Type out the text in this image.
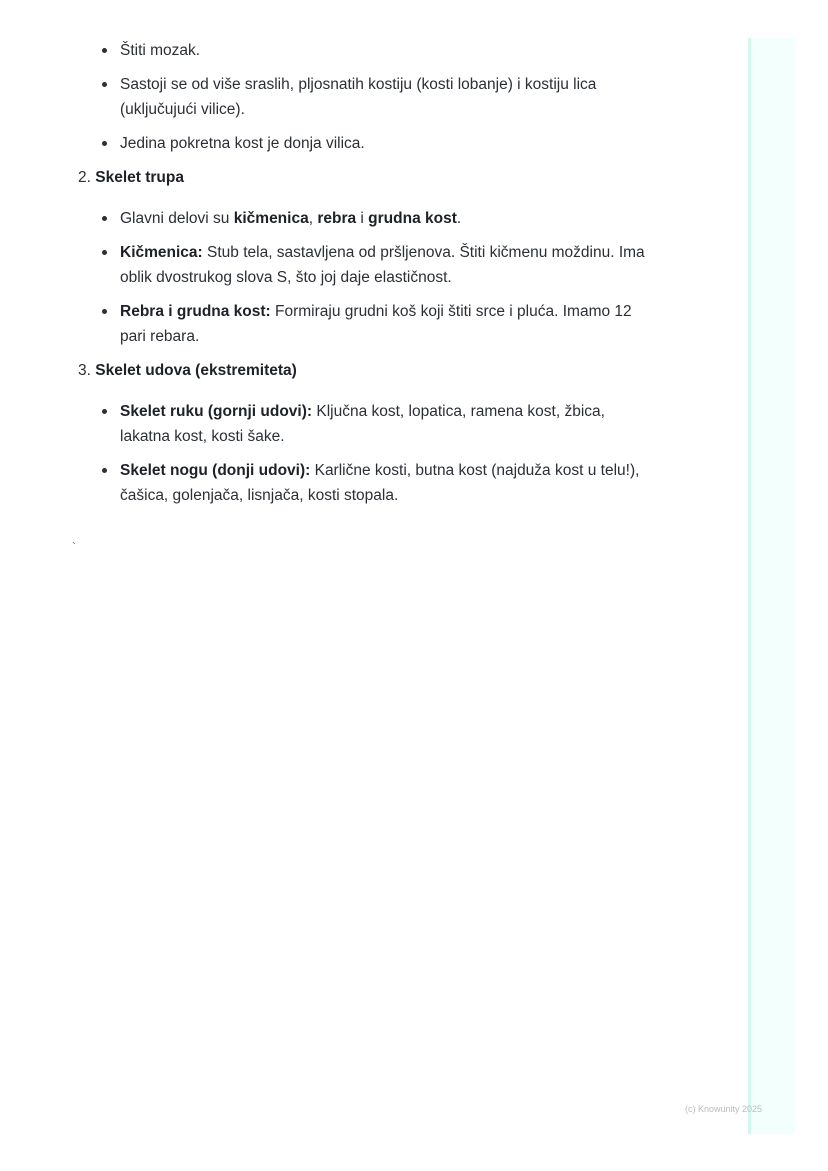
Štiti mozak.
Sastoji se od više sraslih, pljosnatih kostiju (kosti lobanje) i kostiju lica (uključujući vilice).
Jedina pokretna kost je donja vilica.
2. Skelet trupa
Glavni delovi su kičmenica, rebra i grudna kost.
Kičmenica: Stub tela, sastavljena od pršljenova. Štiti kičmenu moždinu. Ima oblik dvostrukog slova S, što joj daje elastičnost.
Rebra i grudna kost: Formiraju grudni koš koji štiti srce i pluća. Imamo 12 pari rebara.
3. Skelet udova (ekstremiteta)
Skelet ruku (gornji udovi): Ključna kost, lopatica, ramena kost, žbica, lakatna kost, kosti šake.
Skelet nogu (donji udovi): Karlične kosti, butna kost (najduža kost u telu!), čašica, golenjača, lisnjača, kosti stopala.
`
(c) Knowunity 2025
